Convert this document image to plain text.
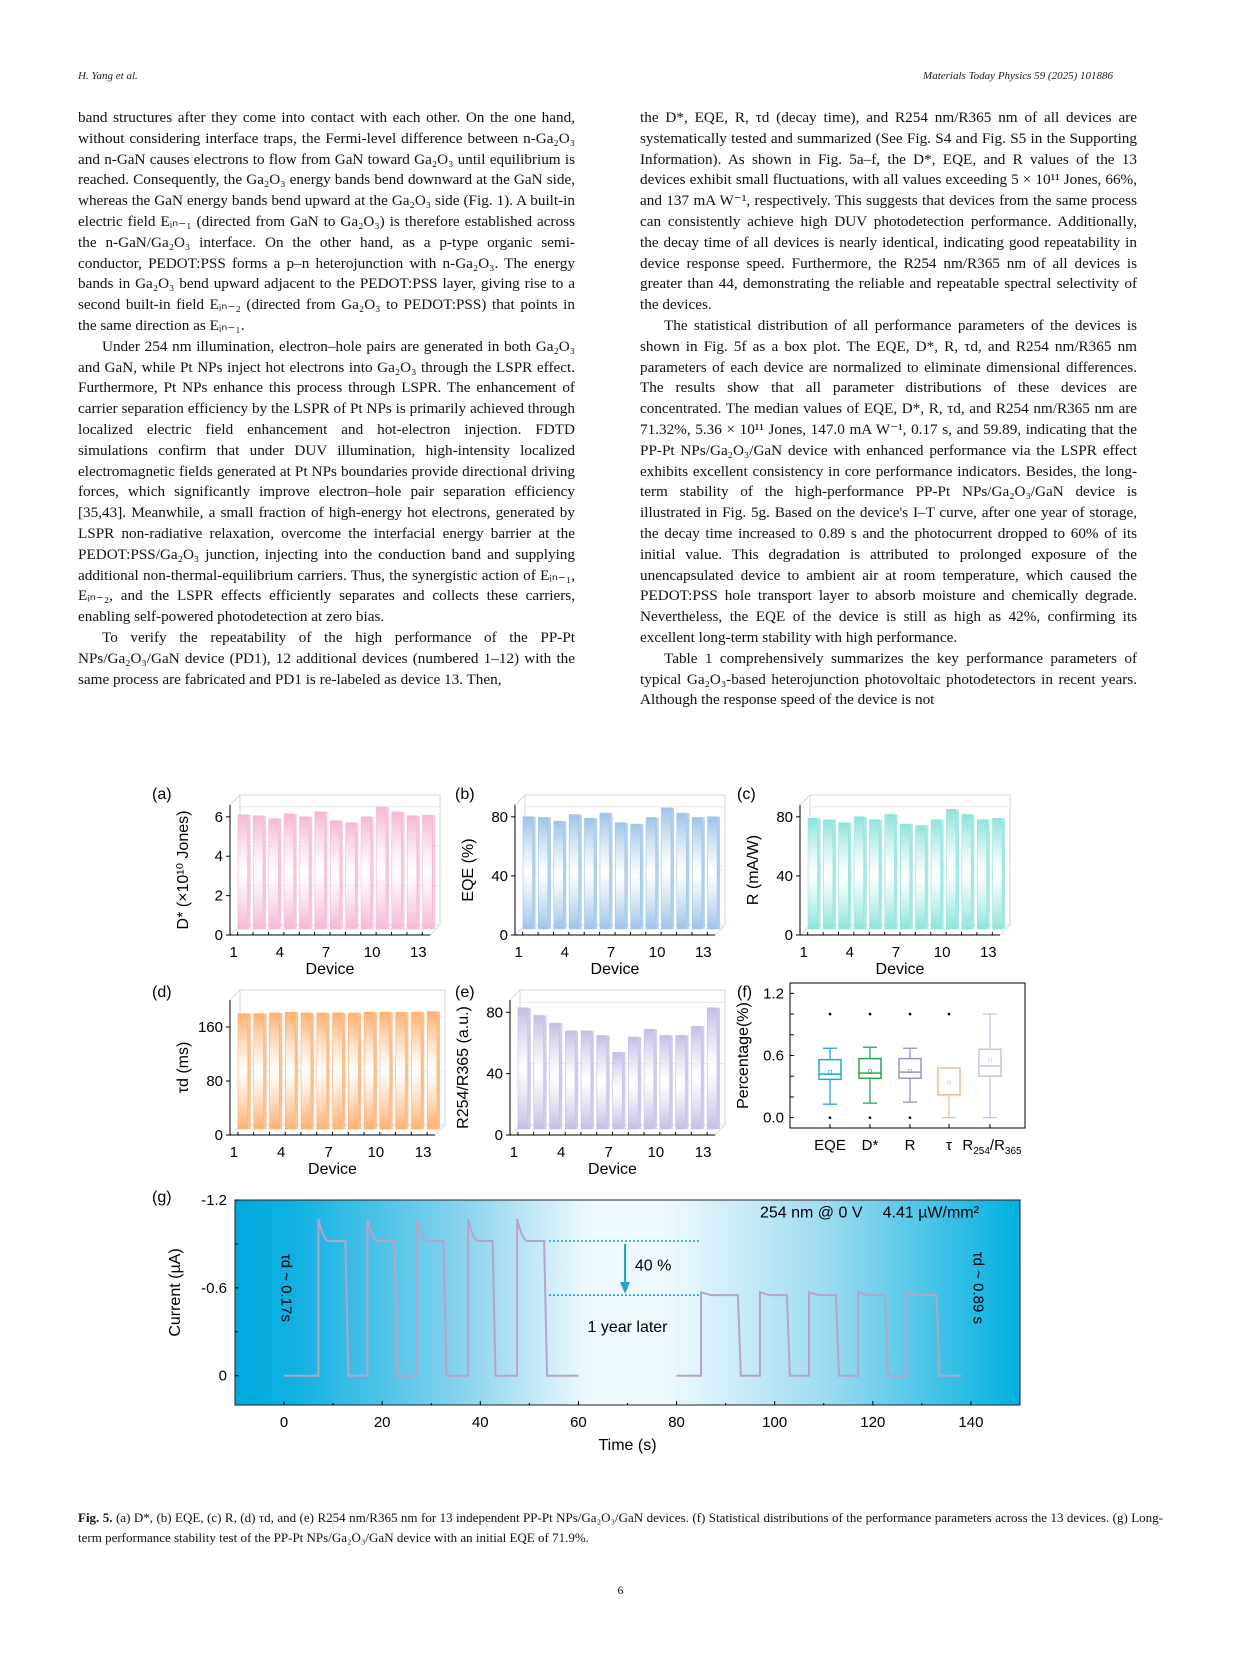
H. Yang et al.	Materials Today Physics 59 (2025) 101886

band structures after they come into contact with each other. On the one hand, without considering interface traps, the Fermi-level difference between n-Ga₂O₃ and n-GaN causes electrons to flow from GaN toward Ga₂O₃ until equilibrium is reached. Consequently, the Ga₂O₃ energy bands bend downward at the GaN side, whereas the GaN energy bands bend upward at the Ga₂O₃ side (Fig. 1). A built-in electric field Eᵢₙ₋₁ (directed from GaN to Ga₂O₃) is therefore established across the n-GaN/Ga₂O₃ interface. On the other hand, as a p-type organic semi-conductor, PEDOT:PSS forms a p–n heterojunction with n-Ga₂O₃. The energy bands in Ga₂O₃ bend upward adjacent to the PEDOT:PSS layer, giving rise to a second built-in field Eᵢₙ₋₂ (directed from Ga₂O₃ to PEDOT:PSS) that points in the same direction as Eᵢₙ₋₁.

Under 254 nm illumination, electron–hole pairs are generated in both Ga₂O₃ and GaN, while Pt NPs inject hot electrons into Ga₂O₃ through the LSPR effect. Furthermore, Pt NPs enhance this process through LSPR. The enhancement of carrier separation efficiency by the LSPR of Pt NPs is primarily achieved through localized electric field enhancement and hot-electron injection. FDTD simulations confirm that under DUV illumination, high-intensity localized electromagnetic fields generated at Pt NPs boundaries provide directional driving forces, which significantly improve electron–hole pair separation efficiency [35,43]. Meanwhile, a small fraction of high-energy hot electrons, generated by LSPR non-radiative relaxation, overcome the interfacial energy barrier at the PEDOT:PSS/Ga₂O₃ junction, injecting into the conduction band and supplying additional non-thermal-equilibrium carriers. Thus, the synergistic action of Eᵢₙ₋₁, Eᵢₙ₋₂, and the LSPR effects efficiently separates and collects these carriers, enabling self-powered photodetection at zero bias.

To verify the repeatability of the high performance of the PP-Pt NPs/Ga₂O₃/GaN device (PD1), 12 additional devices (numbered 1–12) with the same process are fabricated and PD1 is re-labeled as device 13. Then,

the D*, EQE, R, τd (decay time), and R254 nm/R365 nm of all devices are systematically tested and summarized (See Fig. S4 and Fig. S5 in the Supporting Information). As shown in Fig. 5a–f, the D*, EQE, and R values of the 13 devices exhibit small fluctuations, with all values exceeding 5 × 10¹¹ Jones, 66%, and 137 mA W⁻¹, respectively. This suggests that devices from the same process can consistently achieve high DUV photodetection performance. Additionally, the decay time of all devices is nearly identical, indicating good repeatability in device response speed. Furthermore, the R254 nm/R365 nm of all devices is greater than 44, demonstrating the reliable and repeatable spectral selectivity of the devices.

The statistical distribution of all performance parameters of the devices is shown in Fig. 5f as a box plot. The EQE, D*, R, τd, and R254 nm/R365 nm parameters of each device are normalized to eliminate dimensional differences. The results show that all parameter distributions of these devices are concentrated. The median values of EQE, D*, R, τd, and R254 nm/R365 nm are 71.32%, 5.36 × 10¹¹ Jones, 147.0 mA W⁻¹, 0.17 s, and 59.89, indicating that the PP-Pt NPs/Ga₂O₃/GaN device with enhanced performance via the LSPR effect exhibits excellent consistency in core performance indicators. Besides, the long-term stability of the high-performance PP-Pt NPs/Ga₂O₃/GaN device is illustrated in Fig. 5g. Based on the device's I–T curve, after one year of storage, the decay time increased to 0.89 s and the photocurrent dropped to 60% of its initial value. This degradation is attributed to prolonged exposure of the unencapsulated device to ambient air at room temperature, which caused the PEDOT:PSS hole transport layer to absorb moisture and chemically degrade. Nevertheless, the EQE of the device is still as high as 42%, confirming its excellent long-term stability with high performance.

Table 1 comprehensively summarizes the key performance parameters of typical Ga₂O₃-based heterojunction photovoltaic photodetectors in recent years. Although the response speed of the device is not

(a)
0
2
4
6
1	4	7 10 13
Device
D* (×10¹⁰ Jones)
(b)
0
40
80
1	4	7 10 13
Device
EQE (%)
(c)
0
40
80
1	4	7 10 13
Device
R (mA/W)
(d)
0
80
160
1	4	7 10 13
Device
τd (ms)
(e)
0
40
80
1	4	7 10 13
Device
R254/R365 (a.u.)
(f)
0.0
0.6
1.2
Percentage(%)
EQE D* R τ $R_{254}/R_{365}$
(g) -1.2
-0.6
0
0	20	40	60	80	100	120	140
Time (s)
Current (µA)	40 %
1 year later
254 nm @ 0 V 4.41 µW/mm²
τd ~ 0.17s	τd ~ 0.89 s
Fig. 5. (a) D*, (b) EQE, (c) R, (d) τd, and (e) R254 nm/R365 nm for 13 independent PP-Pt NPs/Ga₂O₃/GaN devices. (f) Statistical distributions of the performance parameters across the 13 devices. (g) Long-term performance stability test of the PP-Pt NPs/Ga₂O₃/GaN device with an initial EQE of 71.9%.
6
